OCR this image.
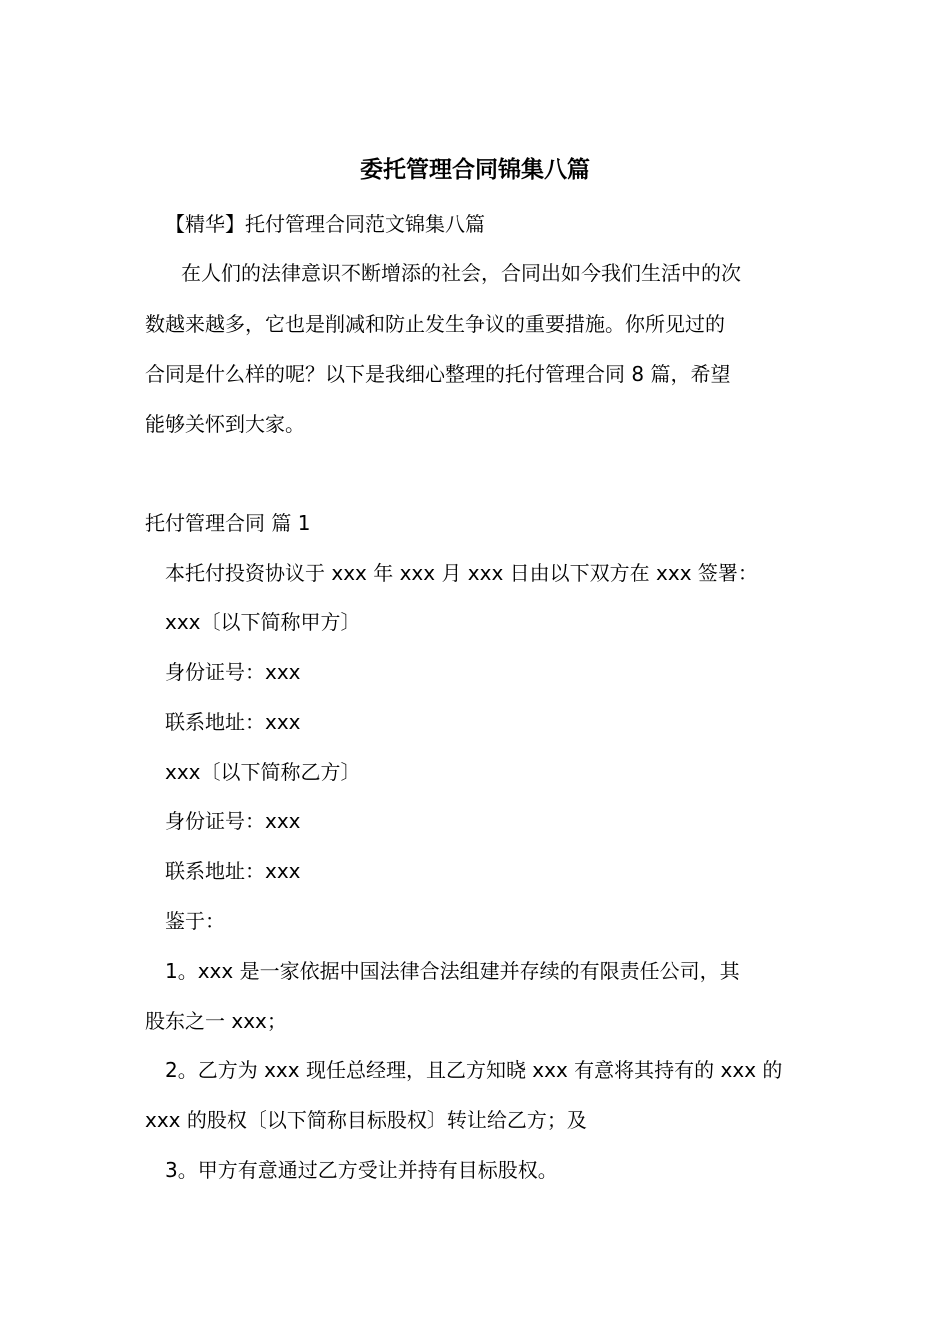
委托管理合同锦集八篇

【精华】托付管理合同范文锦集八篇

在人们的法律意识不断增添的社会，合同出如今我们生活中的次

数越来越多，它也是削减和防止发生争议的重要措施。你所见过的

合同是什么样的呢？以下是我细心整理的托付管理合同 8 篇，希望

能够关怀到大家。

托付管理合同 篇 1

本托付投资协议于 xxx 年 xxx 月 xxx 日由以下双方在 xxx 签署：

xxx〔以下简称甲方〕

身份证号：xxx

联系地址：xxx

xxx〔以下简称乙方〕

身份证号：xxx

联系地址：xxx

鉴于：

1。xxx 是一家依据中国法律合法组建并存续的有限责任公司，其

股东之一 xxx；

2。乙方为 xxx 现任总经理，且乙方知晓 xxx 有意将其持有的 xxx 的

xxx 的股权〔以下简称目标股权〕转让给乙方；及

3。甲方有意通过乙方受让并持有目标股权。
